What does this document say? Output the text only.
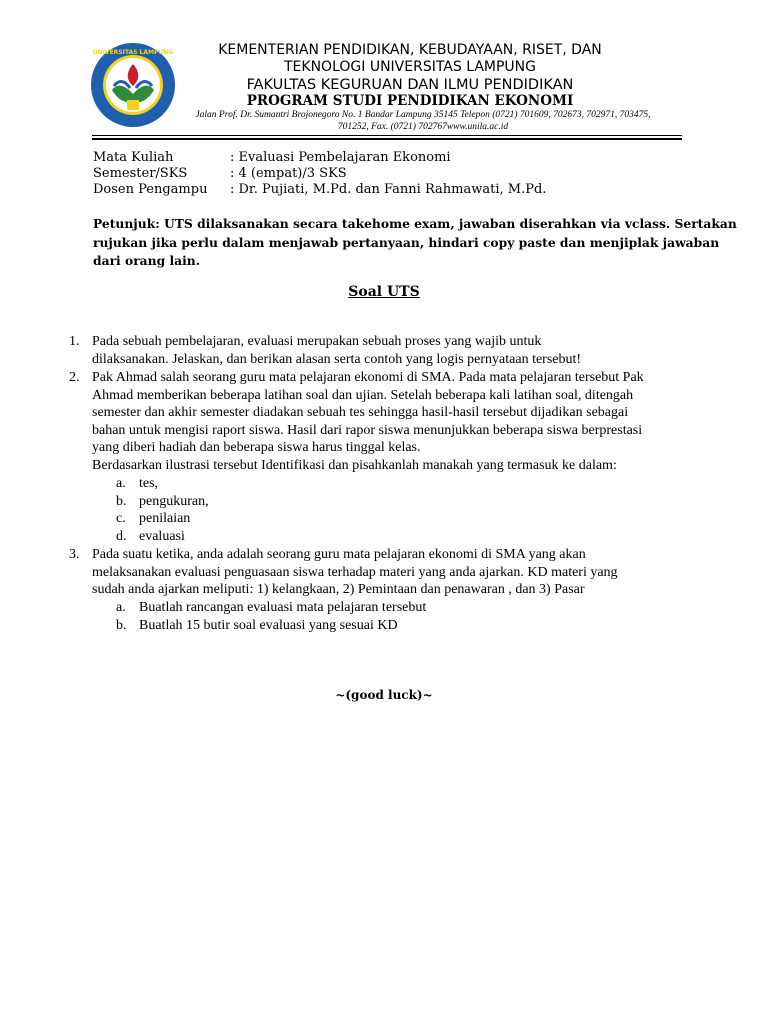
UNIVERSITAS LAMPUNG	KEMENTERIAN PENDIDIKAN, KEBUDAYAAN, RISET, DAN
TEKNOLOGI UNIVERSITAS LAMPUNG
FAKULTAS KEGURUAN DAN ILMU PENDIDIKAN
PROGRAM STUDI PENDIDIKAN EKONOMI
Jalan Prof. Dr. Sumantri Brojonegoro No. 1 Bandar Lampung 35145 Telepon (0721) 701609, 702673, 702971, 703475,
701252, Fax. (0721) 702767www.unila.ac.id
Mata Kuliah	: Evaluasi Pembelajaran Ekonomi
Semester/SKS	: 4 (empat)/3 SKS
Dosen Pengampu : Dr. Pujiati, M.Pd. dan Fanni Rahmawati, M.Pd.
Petunjuk: UTS dilaksanakan secara takehome exam, jawaban diserahkan via vclass. Sertakan
rujukan jika perlu dalam menjawab pertanyaan, hindari copy paste dan menjiplak jawaban
dari orang lain.
Soal UTS
1. Pada sebuah pembelajaran, evaluasi merupakan sebuah proses yang wajib untuk
dilaksanakan. Jelaskan, dan berikan alasan serta contoh yang logis pernyataan tersebut!
2. Pak Ahmad salah seorang guru mata pelajaran ekonomi di SMA. Pada mata pelajaran tersebut Pak
Ahmad memberikan beberapa latihan soal dan ujian. Setelah beberapa kali latihan soal, ditengah
semester dan akhir semester diadakan sebuah tes sehingga hasil-hasil tersebut dijadikan sebagai
bahan untuk mengisi raport siswa. Hasil dari rapor siswa menunjukkan beberapa siswa berprestasi
yang diberi hadiah dan beberapa siswa harus tinggal kelas.
Berdasarkan ilustrasi tersebut Identifikasi dan pisahkanlah manakah yang termasuk ke dalam:
a. tes,
b. pengukuran,
c. penilaian
d. evaluasi
3. Pada suatu ketika, anda adalah seorang guru mata pelajaran ekonomi di SMA yang akan
melaksanakan evaluasi penguasaan siswa terhadap materi yang anda ajarkan. KD materi yang
sudah anda ajarkan meliputi: 1) kelangkaan, 2) Pemintaan dan penawaran , dan 3) Pasar
a. Buatlah rancangan evaluasi mata pelajaran tersebut
b. Buatlah 15 butir soal evaluasi yang sesuai KD
~(good luck)~
